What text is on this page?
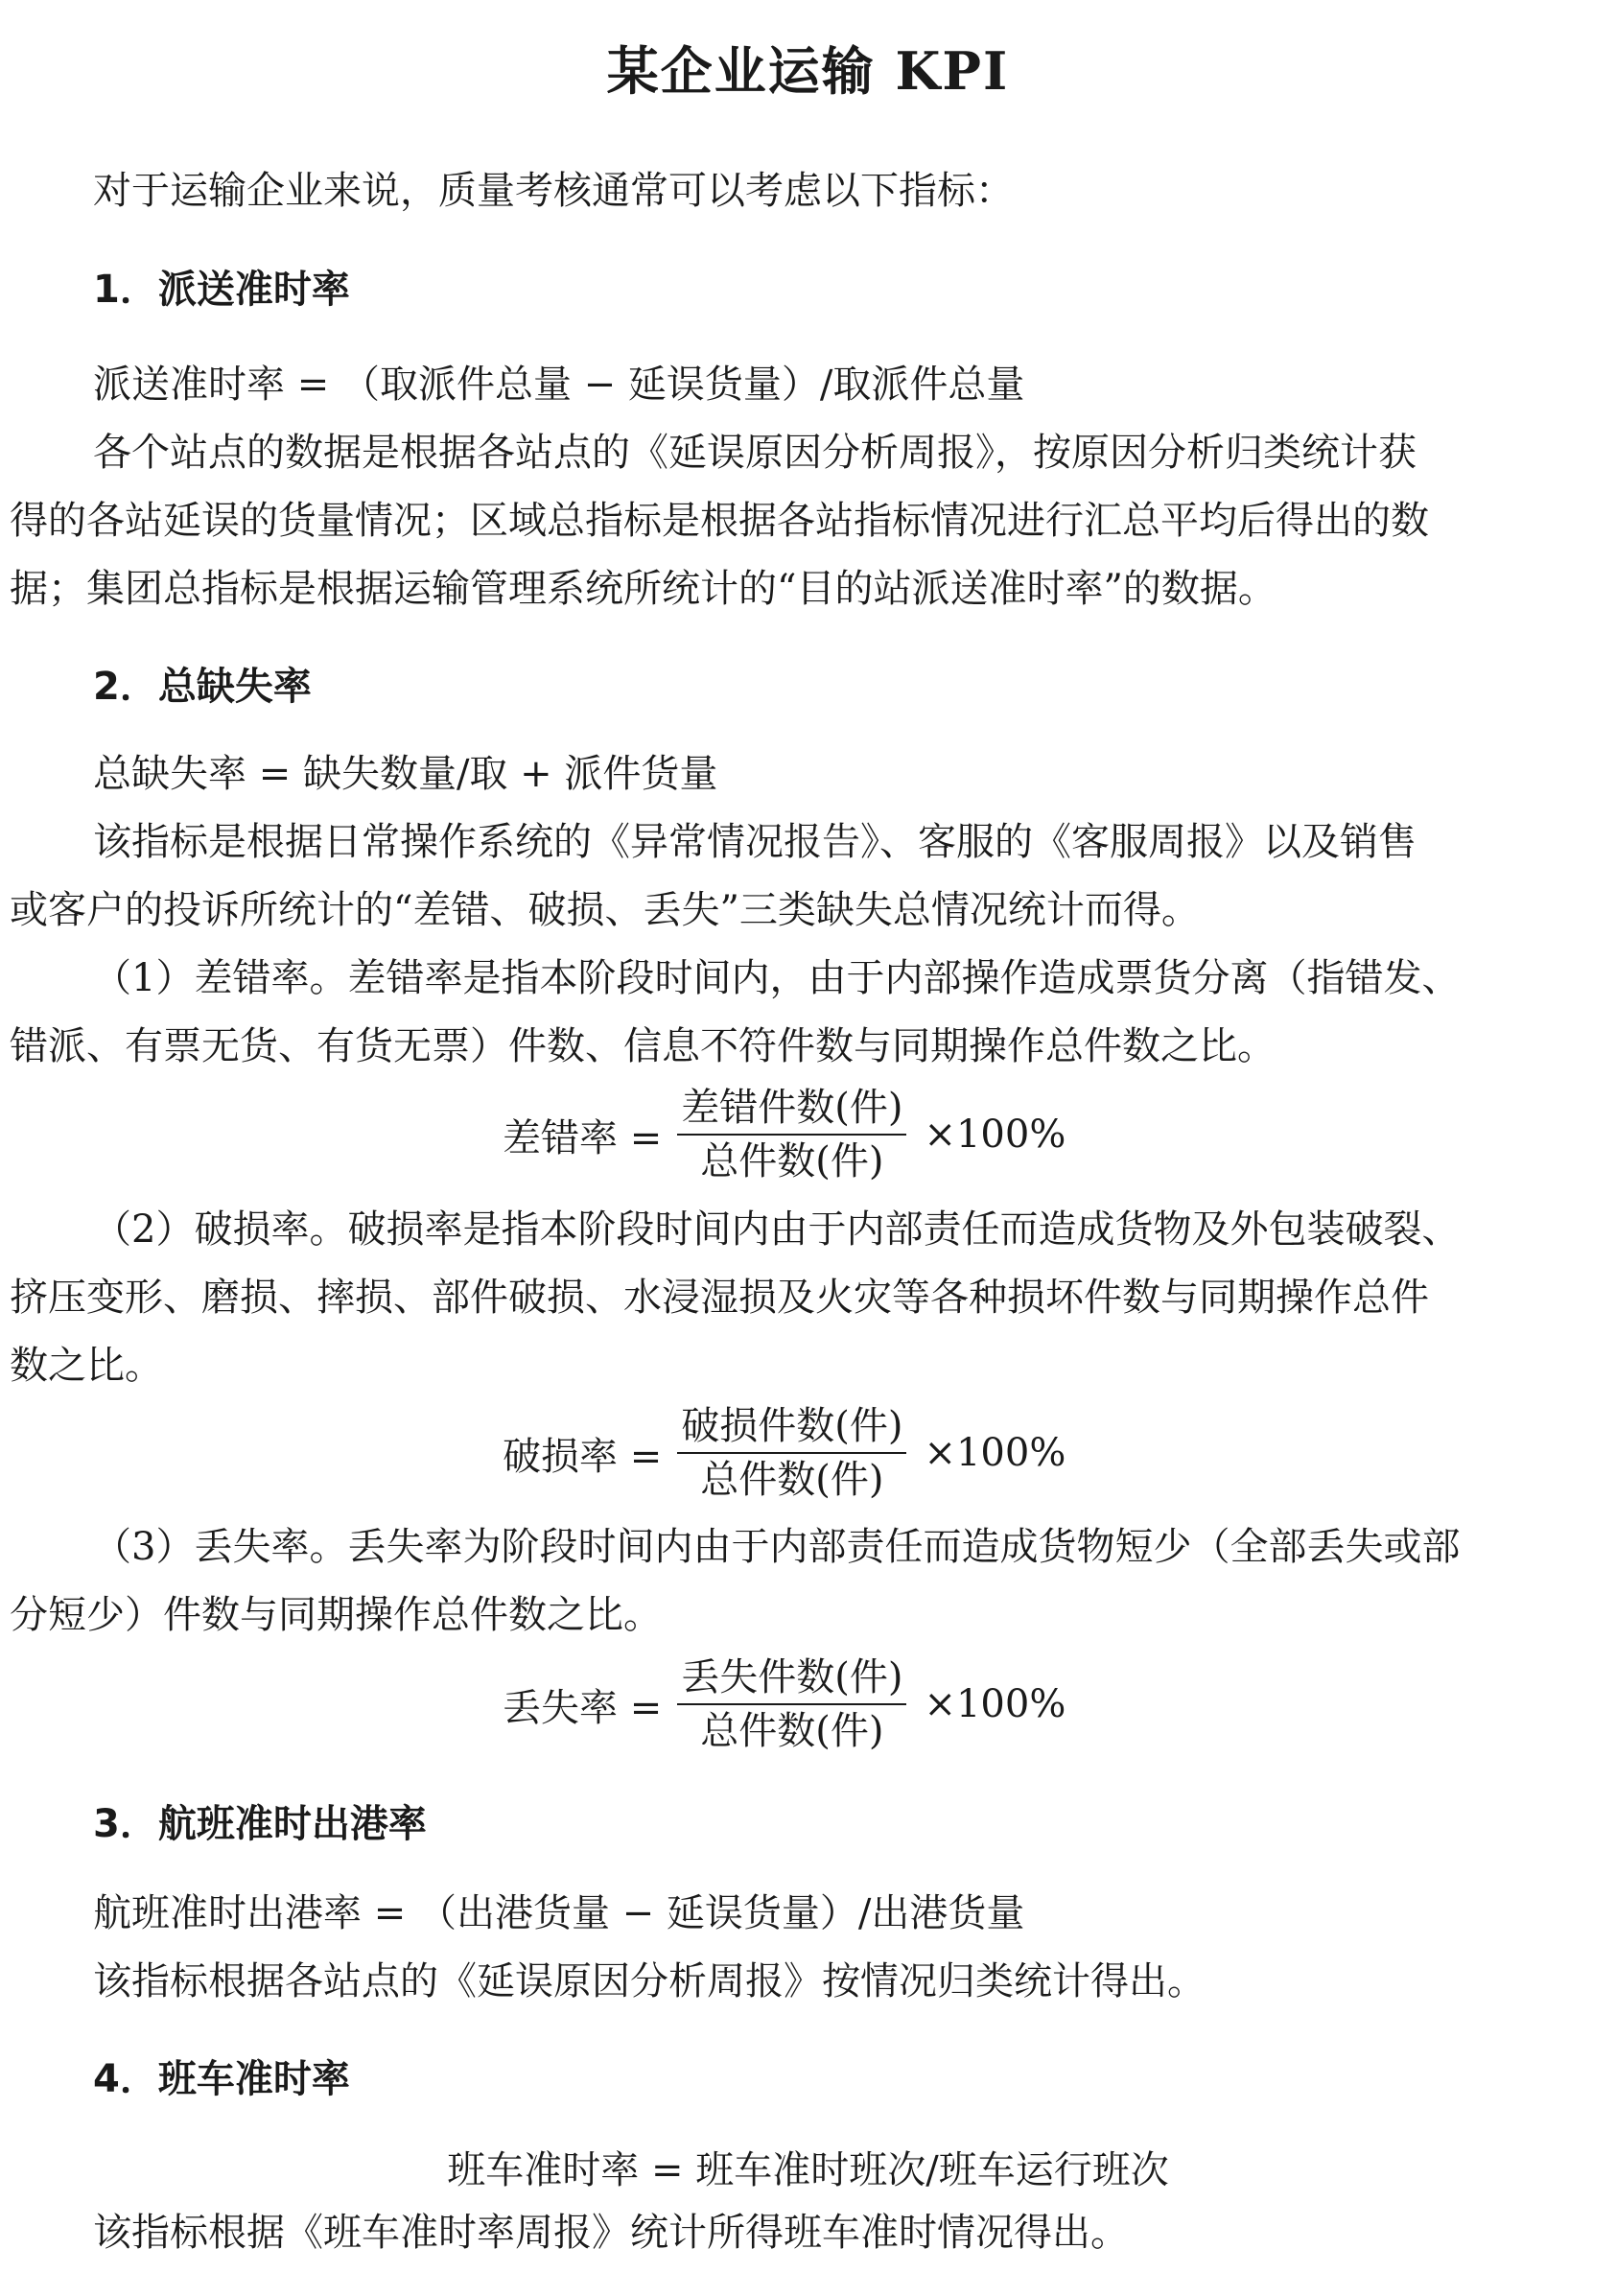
某企业运输 KPI
对于运输企业来说，质量考核通常可以考虑以下指标：
1．派送准时率
派送准时率 = （取派件总量 − 延误货量）∕取派件总量
各个站点的数据是根据各站点的《延误原因分析周报》，按原因分析归类统计获
得的各站延误的货量情况；区域总指标是根据各站指标情况进行汇总平均后得出的数
据；集团总指标是根据运输管理系统所统计的“目的站派送准时率”的数据。
2．总缺失率
总缺失率 = 缺失数量∕取 + 派件货量
该指标是根据日常操作系统的《异常情况报告》、客服的《客服周报》以及销售
或客户的投诉所统计的“差错、破损、丢失”三类缺失总情况统计而得。
（1）差错率。差错率是指本阶段时间内，由于内部操作造成票货分离（指错发、
错派、有票无货、有货无票）件数、信息不符件数与同期操作总件数之比。
差错率 = $\frac{\text{差错件数(件)}}{\text{总件数(件)}} \times 100\%$
（2）破损率。破损率是指本阶段时间内由于内部责任而造成货物及外包装破裂、
挤压变形、磨损、摔损、部件破损、水浸湿损及火灾等各种损坏件数与同期操作总件
数之比。
破损率 = $\frac{\text{破损件数(件)}}{\text{总件数(件)}} \times 100\%$
（3）丢失率。丢失率为阶段时间内由于内部责任而造成货物短少（全部丢失或部
分短少）件数与同期操作总件数之比。
丢失率 = $\frac{\text{丢失件数(件)}}{\text{总件数(件)}} \times 100\%$
3．航班准时出港率
航班准时出港率 = （出港货量 − 延误货量）∕出港货量
该指标根据各站点的《延误原因分析周报》按情况归类统计得出。
4．班车准时率
班车准时率 = 班车准时班次∕班车运行班次
该指标根据《班车准时率周报》统计所得班车准时情况得出。
